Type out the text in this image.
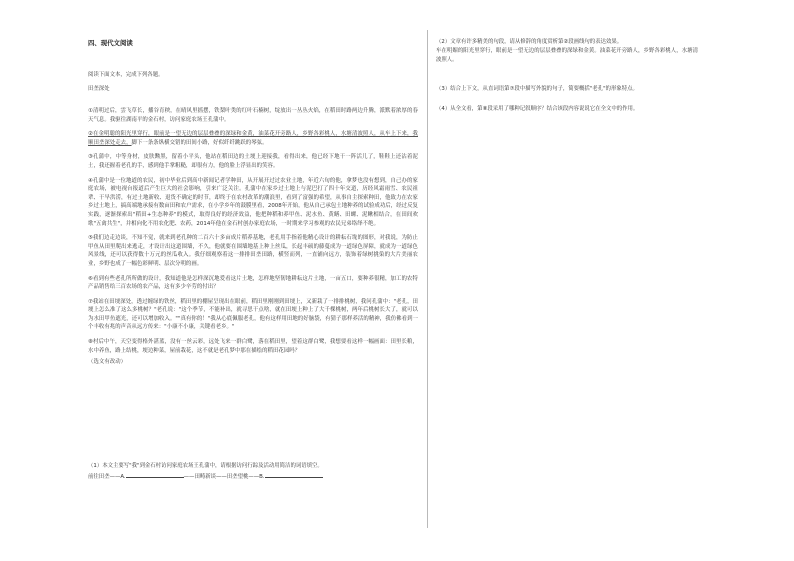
四、现代文阅读
阅读下面文本，完成下列各题。
田垄深处

①清明过后，雲飞草长，播谷育秧，在晴风里摇摆，铁梨叶类的红叶石楠树，绽放出一丛丛火焰，在稻田时路两边升腾，派默着浓厚的春天气息。我驱往湖南平的金石村，访问家庭农场王孔蒲中。

②在金明聪的阳光里穿行，眼前是一望无边的层层叠叠的深绿和金黄，油菜花开旁路人，乡野各彩桃人，水塘清波照人，从车上下来，我顺田垄深处走去，脚下一条条纵横交错的田间小路，好似纤纤跳跃的琴弦。

③孔蒲中，中等身材，皮肤黝黑，留着小平头，他站在稻田边的土埂上迎接我，看得出来，他已经下地干一阵活儿了，鞋鞋上还沾着泥土，我还握着老孔的手，感到他手掌粗糙，却很有力，他的脸上浮显出的笑容。

④孔蒲中是一位地道的农民，初中毕业后到高中新闻记者学种田，从开展开过过农业土地，年近六旬的他，拿梦也没有想到，自己办的家庭农场，被电视台报道后产生巨大的社会影响，引来广泛关注。孔蒲中在家乡过土地上与泥巴打了四十年交道，历经风霜雨雪、农民祖辈、干旱洪涝，有过土地新收、退货不确定的时节，却终于在农村改革的潮浪里，看到了富强的希望，从事自主探索种田，他致力在农家乡过土地上，搞高端地承接有数亩田和农户需求，在小学乡年的鼓膜里看，2008年开始，他从自己承包土地种养的试验成功后，经过反复实践，逐渐探索出"稻田+生态种养"的模式，取得良好的经济效益，他把种稻和养甲鱼、泥水鱼、黄鳝、田螺、泥鳅相结合，在田间欢歌"五禽共生"，并相向化不用农化肥、农药，2014年他在金石村创办家庭农场，一时期来学习参观的农民兄弟络绎不绝。

⑤我们边走边谈，不知不觉，就来到老孔种的二百六十多亩成片稻养基地，老孔用手指着他精心设计的耕耘石垅的图形，对我说，为防止甲鱼从田里爬出来逃走，才设计出这道围墙，不久，他就要在围墙地基上种上丝瓜，长起丰硕的藤蔓成为一道绿色屏障，就成为一道绿色风景线，还可以获得数十万元的丝瓜收入。我仔细观察着这一排排田垄田路，横竖而列，一直铺向远方，装饰着绿树挑染的大片美丽农业，乡野也成了一幅色彩鲜明、层次分明的画。

⑥看到有些老孔所所做的设计，我知道他是怎样深沉地爱看这片土地，怎样地坚韧地耕耘这片土地，一亩五口，要种养很精，加工的农特产品销售给三百农场的农产品，这有多少辛劳的付出？

⑦我站在田埂深处，透过缠绿的铁丝，稻田里的棚屋呈现出在眼前，稻田里刚刚到田埂上，又新栽了一排排桃树，我问孔蒲中："老孔，田埂上怎么准了这么多桃树？"老孔说："这个季节，不能补出，就寻思干点啥，就在田埂上种上了大千棵桃树，两年后桃树长大了，就可以为水田甲鱼遮光，还可以增加收入。""真有你的！"我从心底佩服老孔，他有这样用田地的好脑袋，有猜子那样养活的精神，我仿佛看到一个丰收有兆的声音从远方传来："小康不小康，关键看老乡。"

⑧村后中午，天空变得格外湛蓝，没有一丝云彩，远处飞来一群白鹭，落在稻田里，望着这群白鹭，我想要看这样一幅画面：田里长粮，水中养鱼，路上结桃，埂边种菜，屋前栽花，这不就是老孔梦中那在描绘的稻田花园吗？

（选文有改动）

（1）本文主要写"我"到金石村访问家庭农场王孔蒲中，请根据访问行踪及活动用简洁的词语填空。
前往田垄——A.	——田畴新谈——田垄望桃——B.
（2）文章有许多精美的句段，请从修辞的角度赏析第②段画线句的表达效果。
车在明媚的阳光里穿行，眼前是一望无边的层层叠叠的深绿和金黄。油菜花开旁路人，乡野各彩桃人，水塘清波照人。
（3）结合上下文，从直词语第⑦段中描写外貌的句子，简要概括"老孔"的形象特点。
（4）从全文看，第⑧段采用了哪种记叙顺序？结合该段内容说说它在全文中的作用。
